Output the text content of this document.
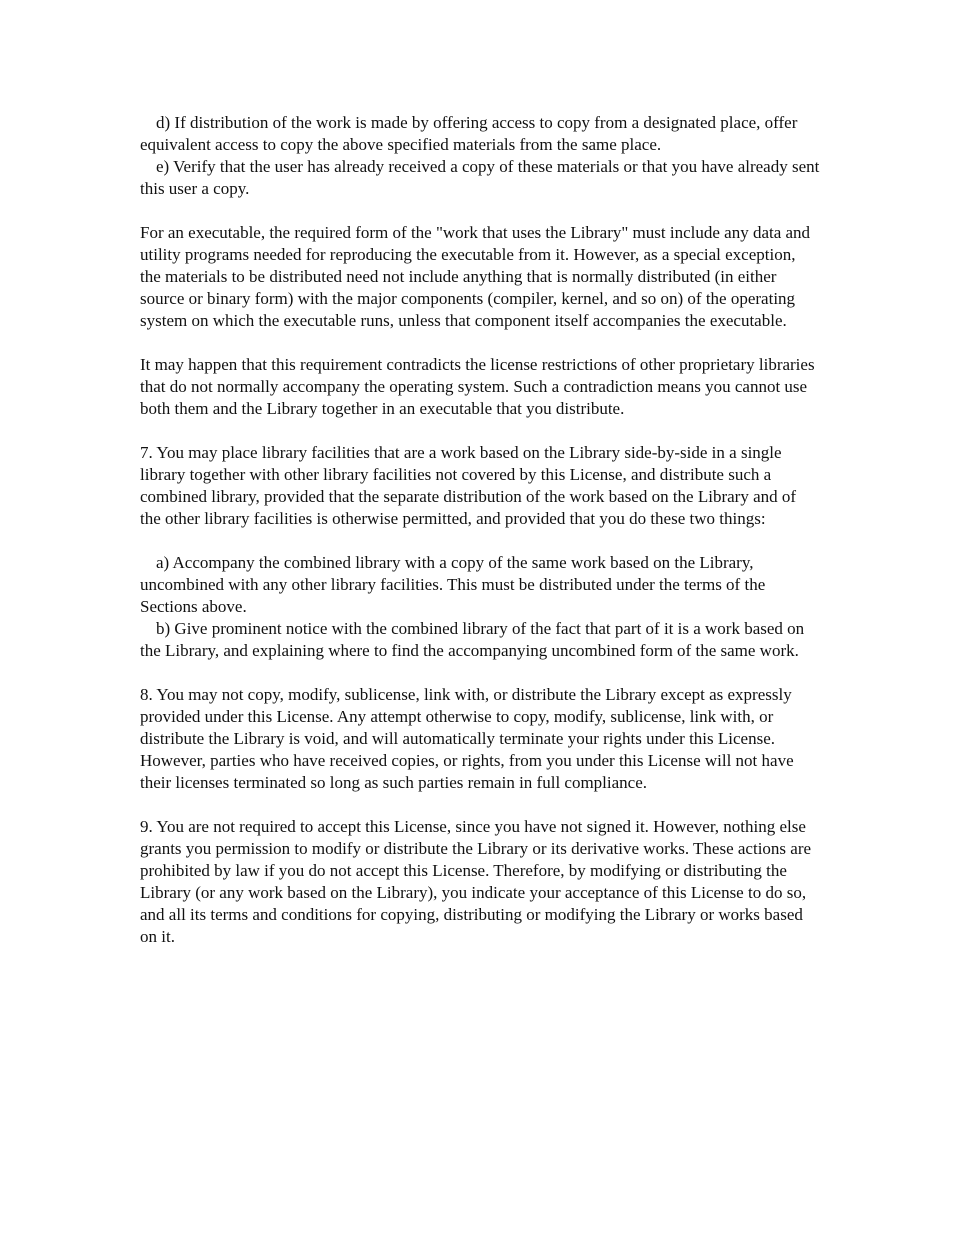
d) If distribution of the work is made by offering access to copy from a designated place, offer equivalent access to copy the above specified materials from the same place.

e) Verify that the user has already received a copy of these materials or that you have already sent this user a copy.

For an executable, the required form of the "work that uses the Library" must include any data and utility programs needed for reproducing the executable from it. However, as a special exception, the materials to be distributed need not include anything that is normally distributed (in either source or binary form) with the major components (compiler, kernel, and so on) of the operating system on which the executable runs, unless that component itself accompanies the executable.

It may happen that this requirement contradicts the license restrictions of other proprietary libraries that do not normally accompany the operating system. Such a contradiction means you cannot use both them and the Library together in an executable that you distribute.

7. You may place library facilities that are a work based on the Library side-by-side in a single library together with other library facilities not covered by this License, and distribute such a combined library, provided that the separate distribution of the work based on the Library and of the other library facilities is otherwise permitted, and provided that you do these two things:

a) Accompany the combined library with a copy of the same work based on the Library, uncombined with any other library facilities. This must be distributed under the terms of the Sections above.

b) Give prominent notice with the combined library of the fact that part of it is a work based on the Library, and explaining where to find the accompanying uncombined form of the same work.

8. You may not copy, modify, sublicense, link with, or distribute the Library except as expressly provided under this License. Any attempt otherwise to copy, modify, sublicense, link with, or distribute the Library is void, and will automatically terminate your rights under this License. However, parties who have received copies, or rights, from you under this License will not have their licenses terminated so long as such parties remain in full compliance.

9. You are not required to accept this License, since you have not signed it. However, nothing else grants you permission to modify or distribute the Library or its derivative works. These actions are prohibited by law if you do not accept this License. Therefore, by modifying or distributing the Library (or any work based on the Library), you indicate your acceptance of this License to do so, and all its terms and conditions for copying, distributing or modifying the Library or works based on it.
